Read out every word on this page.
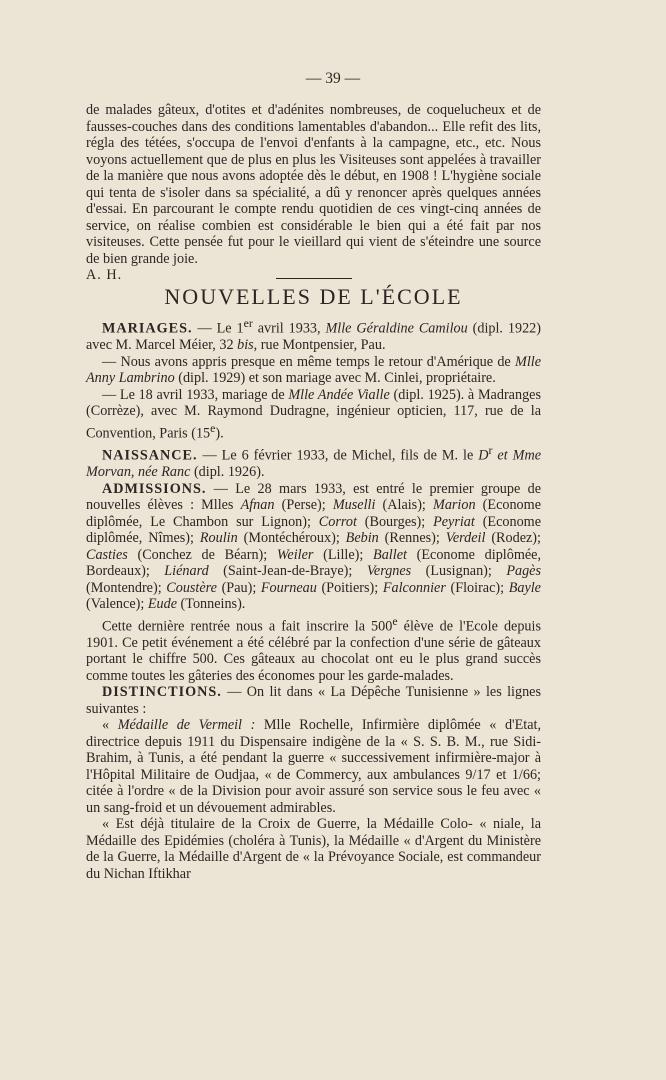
— 39 —

de malades gâteux, d'otites et d'adénites nombreuses, de coquelucheux et de fausses-couches dans des conditions lamentables d'abandon... Elle refit des lits, régla des tétées, s'occupa de l'envoi d'enfants à la campagne, etc., etc. Nous voyons actuellement que de plus en plus les Visiteuses sont appelées à travailler de la manière que nous avons adoptée dès le début, en 1908 ! L'hygiène sociale qui tenta de s'isoler dans sa spécialité, a dû y renoncer après quelques années d'essai. En parcourant le compte rendu quotidien de ces vingt-cinq années de service, on réalise combien est considérable le bien qui a été fait par nos visiteuses. Cette pensée fut pour le vieillard qui vient de s'éteindre une source de bien grande joie.

A. H.

NOUVELLES DE L'ÉCOLE

MARIAGES. — Le 1er avril 1933, Mlle Géraldine Camilou (dipl. 1922) avec M. Marcel Méier, 32 bis, rue Montpensier, Pau.

— Nous avons appris presque en même temps le retour d'Amérique de Mlle Anny Lambrino (dipl. 1929) et son mariage avec M. Cinlei, propriétaire.

— Le 18 avril 1933, mariage de Mlle Andée Vialle (dipl. 1925). à Madranges (Corrèze), avec M. Raymond Dudragne, ingénieur opticien, 117, rue de la Convention, Paris (15e).

NAISSANCE. — Le 6 février 1933, de Michel, fils de M. le $D^r$ et Mme Morvan, née Ranc (dipl. 1926).

ADMISSIONS. — Le 28 mars 1933, est entré le premier groupe de nouvelles élèves : Mlles Afnan (Perse); Muselli (Alais); Marion (Econome diplômée, Le Chambon sur Lignon); Corrot (Bourges); Peyriat (Econome diplômée, Nîmes); Roulin (Montéchéroux); Bebin (Rennes); Verdeil (Rodez); Casties (Conchez de Béarn); Weiler (Lille); Ballet (Econome diplômée, Bordeaux); Liénard (Saint-Jean-de-Braye); Vergnes (Lusignan); Pagès (Montendre); Coustère (Pau); Fourneau (Poitiers); Falconnier (Floirac); Bayle (Valence); Eude (Tonneins).

Cette dernière rentrée nous a fait inscrire la 500e élève de l'Ecole depuis 1901. Ce petit événement a été célébré par la confection d'une série de gâteaux portant le chiffre 500. Ces gâteaux au chocolat ont eu le plus grand succès comme toutes les gâteries des économes pour les garde-malades.

DISTINCTIONS. — On lit dans « La Dépêche Tunisienne » les lignes suivantes :

« Médaille de Vermeil : Mlle Rochelle, Infirmière diplômée « d'Etat, directrice depuis 1911 du Dispensaire indigène de la « S. S. B. M., rue Sidi-Brahim, à Tunis, a été pendant la guerre « successivement infirmière-major à l'Hôpital Militaire de Oudjaa, « de Commercy, aux ambulances 9/17 et 1/66; citée à l'ordre « de la Division pour avoir assuré son service sous le feu avec « un sang-froid et un dévouement admirables.

« Est déjà titulaire de la Croix de Guerre, la Médaille Colo- « niale, la Médaille des Epidémies (choléra à Tunis), la Médaille « d'Argent du Ministère de la Guerre, la Médaille d'Argent de « la Prévoyance Sociale, est commandeur du Nichan Iftikhar
